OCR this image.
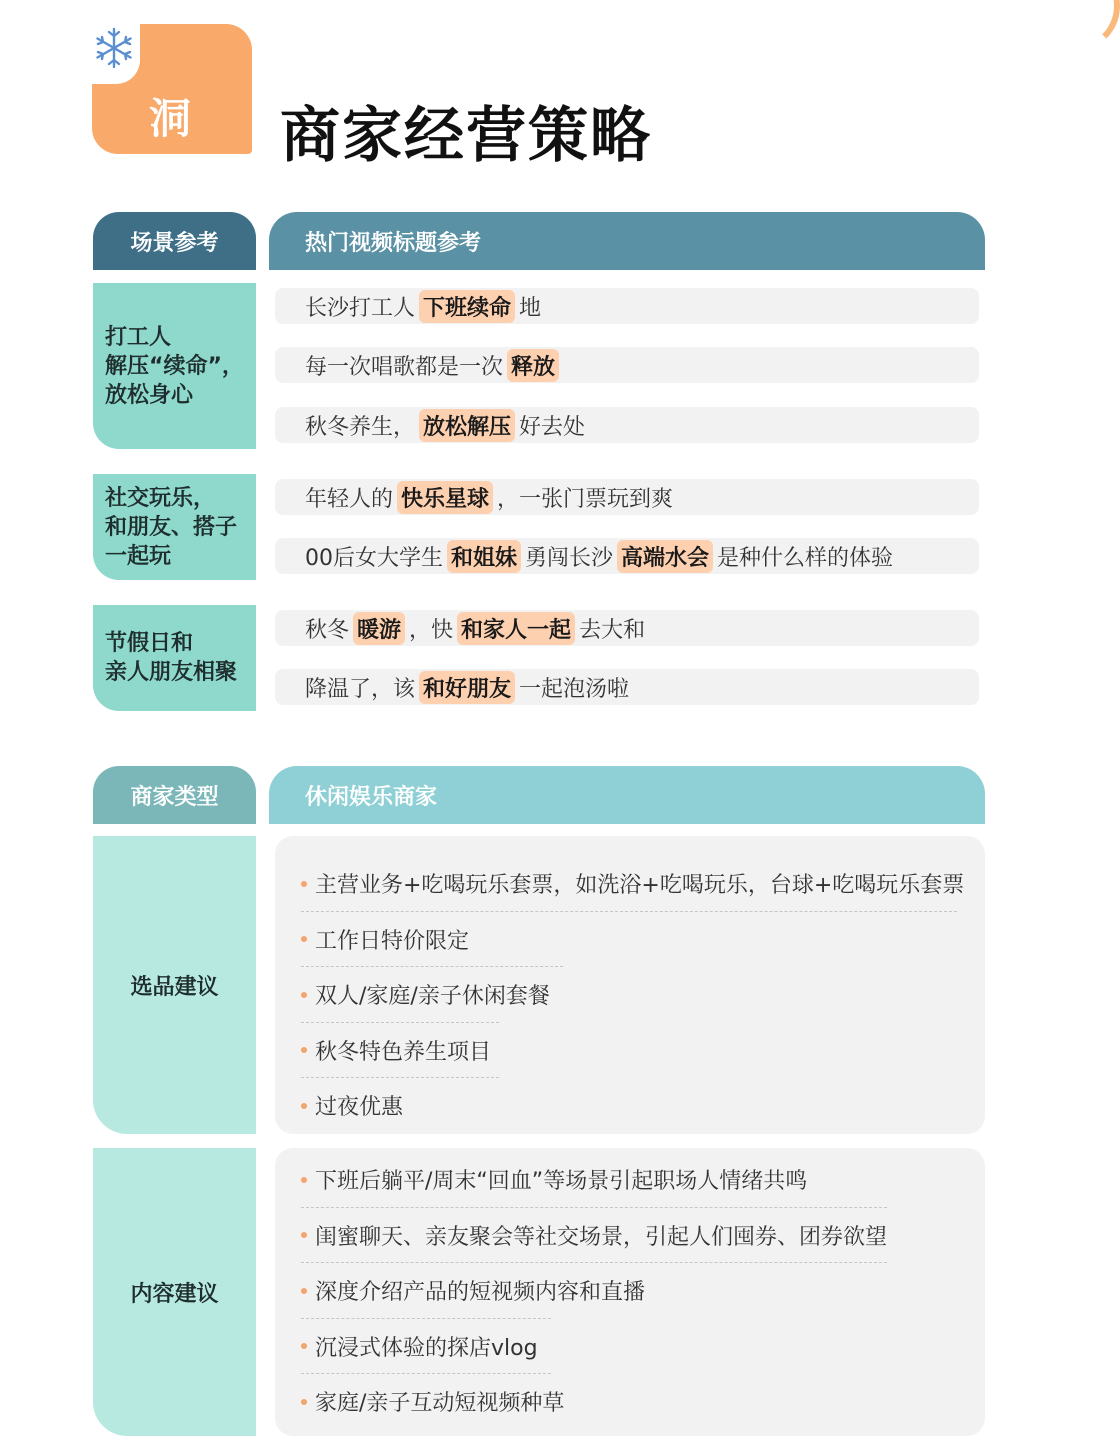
洞 察
商家经营策略
场景参考	热门视频标题参考
打工人
解压“续命”，
放松身心
长沙打工人 下班续命 地
每一次唱歌都是一次 释放
秋冬养生， 放松解压 好去处
社交玩乐，
和朋友、搭子
一起玩
年轻人的 快乐星球 ，一张门票玩到爽
00后女大学生 和姐妹 勇闯长沙 高端水会 是种什么样的体验
节假日和
亲人朋友相聚
秋冬 暖游 ，快 和家人一起 去大和
降温了，该 和好朋友 一起泡汤啦
商家类型	休闲娱乐商家
选品建议
主营业务+吃喝玩乐套票，如洗浴+吃喝玩乐，台球+吃喝玩乐套票
工作日特价限定
双人/家庭/亲子休闲套餐
秋冬特色养生项目
过夜优惠
内容建议
下班后躺平/周末“回血”等场景引起职场人情绪共鸣
闺蜜聊天、亲友聚会等社交场景，引起人们囤券、团券欲望
深度介绍产品的短视频内容和直播
沉浸式体验的探店vlog
家庭/亲子互动短视频种草
